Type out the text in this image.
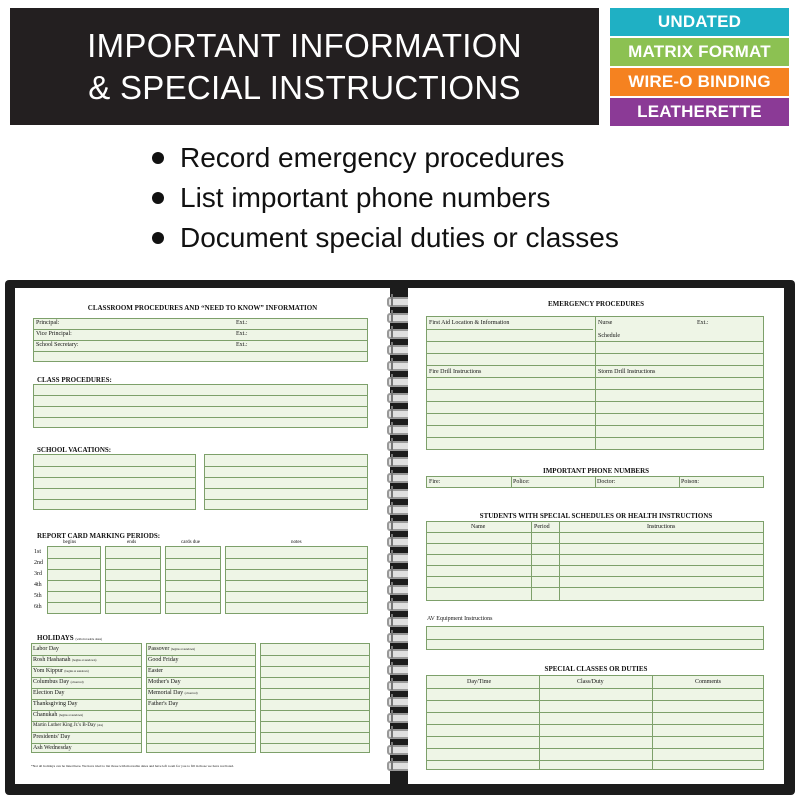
IMPORTANT INFORMATION
& SPECIAL INSTRUCTIONS
UNDATED
MATRIX FORMAT
WIRE-O BINDING
LEATHERETTE COVER
Record emergency procedures
List important phone numbers
Document special duties or classes
CLASSROOM PROCEDURES AND “NEED TO KNOW” INFORMATION
Principal:	Ext.:
Vice Principal:	Ext.:
School Secretary:	Ext.:
CLASS PROCEDURES:
SCHOOL VACATIONS:
REPORT CARD MARKING PERIODS:
begins	ends	cards due	notes
1st
2nd
3rd
4th
5th
6th
HOLIDAYS (with moveable dates)
Labor Day
Rosh Hashanah (begins at sundown)
Yom Kippur (begins at sundown)
Columbus Day (observed)
Election Day
Thanksgiving Day
Chanukah (begins at sundown)
Martin Luther King Jr.'s B-Day (obs)
Presidents' Day
Ash Wednesday
Passover (begins at sundown)
Good Friday
Easter
Mother's Day
Memorial Day (observed)
Father's Day
*Not all holidays can be listed here. We have tried to list those with moveable dates and have left room for you to fill in those we have not listed.
EMERGENCY PROCEDURES
First Aid Location & Information	Nurse	Ext.:
Schedule
Fire Drill Instructions	Storm Drill Instructions
IMPORTANT PHONE NUMBERS
Fire:	Police:	Doctor:	Poison:
STUDENTS WITH SPECIAL SCHEDULES OR HEALTH INSTRUCTIONS
Name	Period	Instructions
AV Equipment Instructions
SPECIAL CLASSES OR DUTIES
Day/Time	Class/Duty	Comments
